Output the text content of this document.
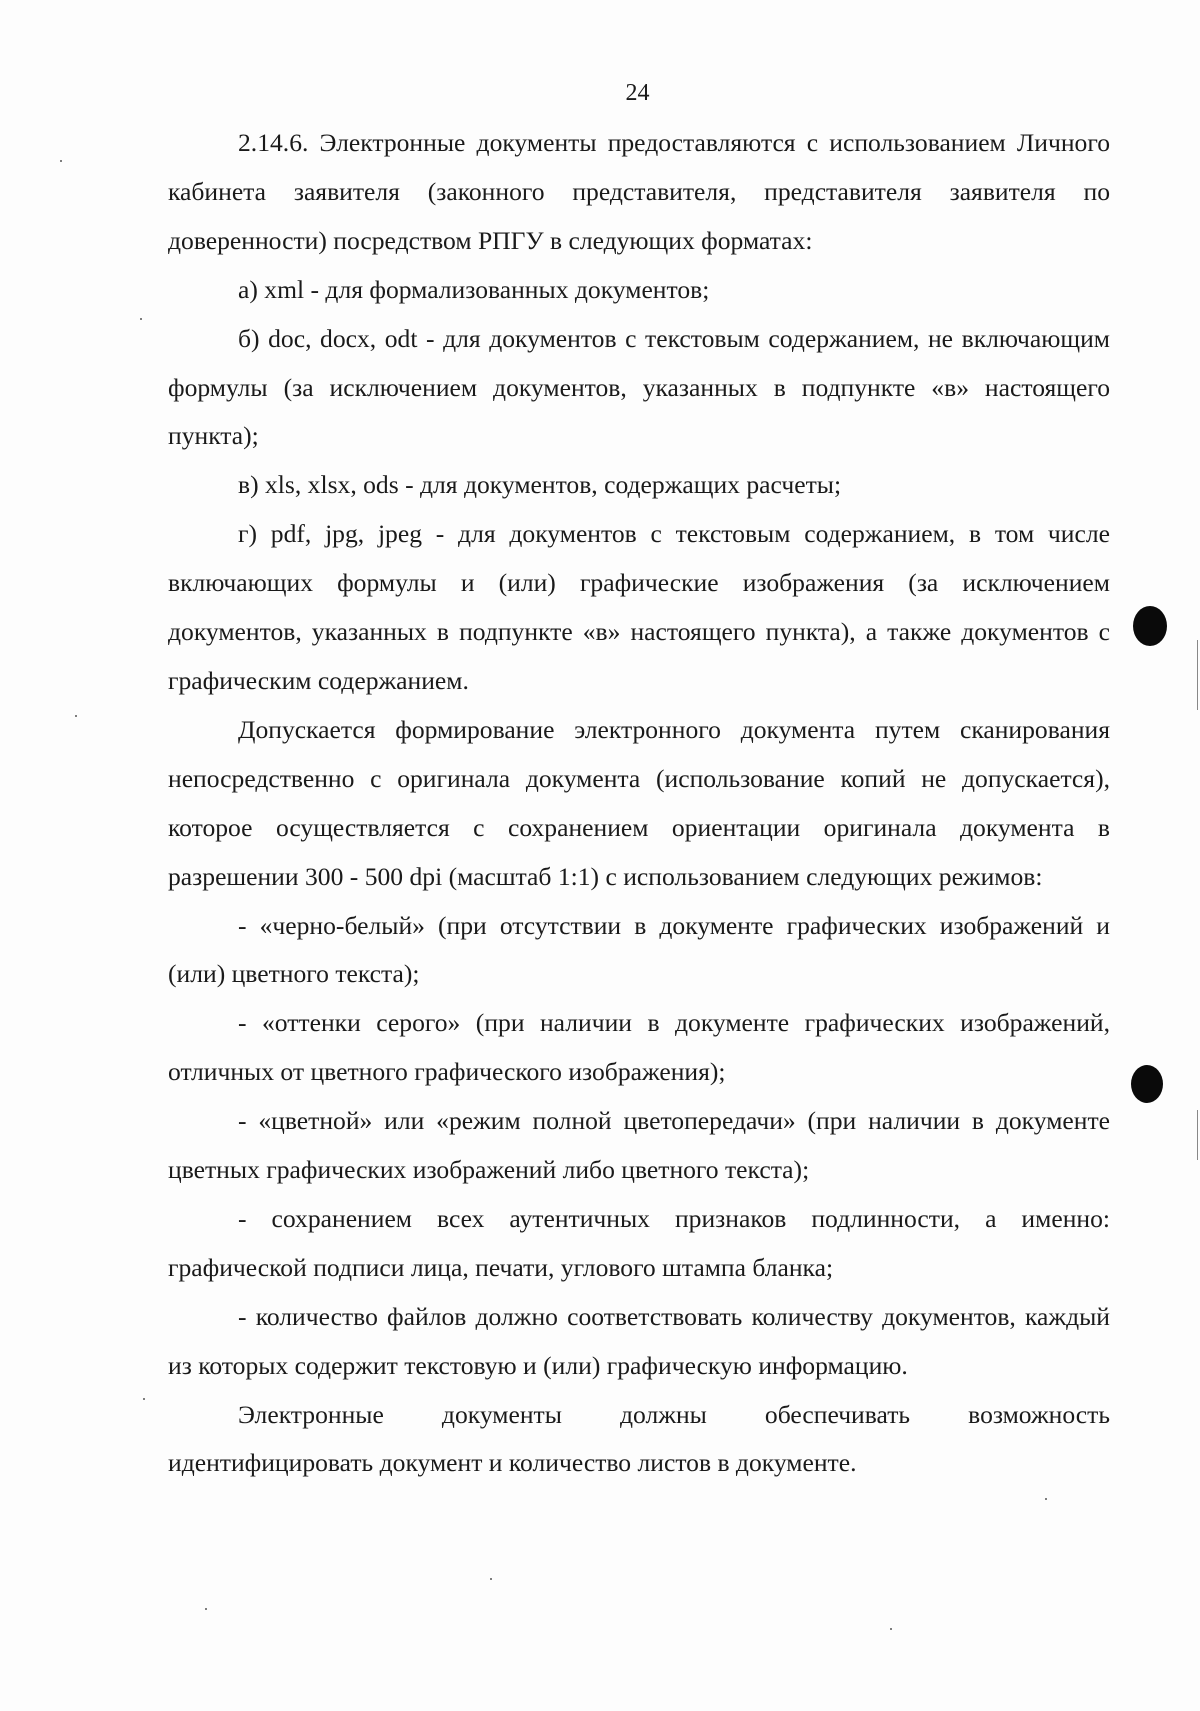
24

2.14.6. Электронные документы предоставляются с использованием Личного кабинета заявителя (законного представителя, представителя заявителя по доверенности) посредством РПГУ в следующих форматах:

а) xml - для формализованных документов;

б) doc, docx, odt - для документов с текстовым содержанием, не включающим формулы (за исключением документов, указанных в подпункте «в» настоящего пункта);

в) xls, xlsx, ods - для документов, содержащих расчеты;

г) pdf, jpg, jpeg - для документов с текстовым содержанием, в том числе включающих формулы и (или) графические изображения (за исключением документов, указанных в подпункте «в» настоящего пункта), а также документов с графическим содержанием.

Допускается формирование электронного документа путем сканирования непосредственно с оригинала документа (использование копий не допускается), которое осуществляется с сохранением ориентации оригинала документа в разрешении 300 - 500 dpi (масштаб 1:1) с использованием следующих режимов:

- «черно-белый» (при отсутствии в документе графических изображений и (или) цветного текста);

- «оттенки серого» (при наличии в документе графических изображений, отличных от цветного графического изображения);

- «цветной» или «режим полной цветопередачи» (при наличии в документе цветных графических изображений либо цветного текста);

- сохранением всех аутентичных признаков подлинности, а именно: графической подписи лица, печати, углового штампа бланка;

- количество файлов должно соответствовать количеству документов, каждый из которых содержит текстовую и (или) графическую информацию.

Электронные документы должны обеспечивать возможность идентифицировать документ и количество листов в документе.
